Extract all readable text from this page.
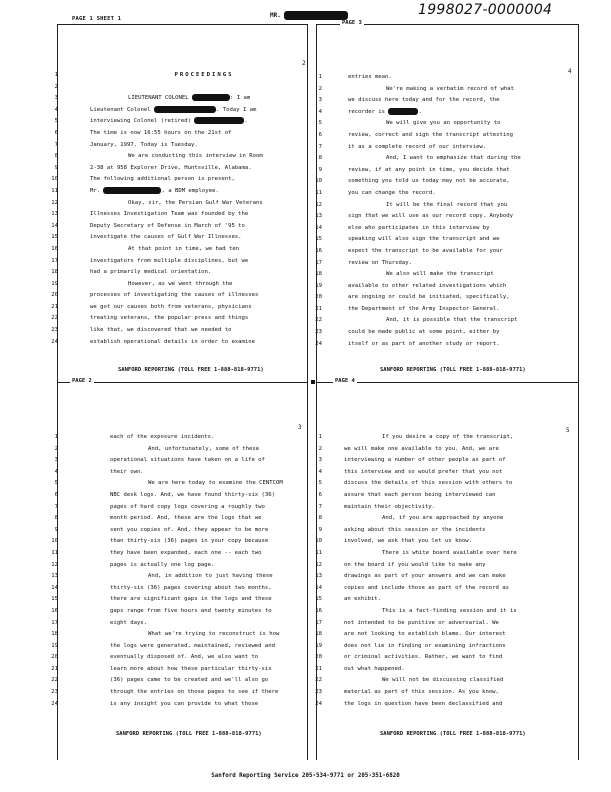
PAGE 1 SHEET 1	MR.	1998027-0000004
PAGE 3
PAGE 2	PAGE 4
2
1
2
3
4
5
6
7
8
9
10
11
12
13
14
15
16
17
18
19
20
21
22
23
24
PROCEEDINGS
LIEUTENANT COLONEL	: I am
Lieutenant Colonel	. Today I am
interviewing Colonel (retired)	.
The time is now 16:55 hours on the 21st of
January, 1997. Today is Tuesday.
We are conducting this interview in Room
2-38 at 958 Explorer Drive, Huntsville, Alabama.
The following additional person is present,
Mr.	, a BDM employee.
Okay, sir, the Persian Gulf War Veterans
Illnesses Investigation Team was founded by the
Deputy Secretary of Defense in March of '95 to
investigate the causes of Gulf War Illnesses.
At that point in time, we had ten
investigators from multiple disciplines, but we
had a primarily medical orientation.
However, as we went through the
processes of investigating the causes of illnesses
we got our causes both from veterans, physicians
treating veterans, the popular press and things
like that, we discovered that we needed to
establish operational details in order to examine
SANFORD REPORTING (TOLL FREE 1-888-818-9771)
4
1
2
3
4
5
6
7
8
9
10
11
12
13
14
15
16
17
18
19
20
21
22
23
24
entries mean.
We're making a verbatim record of what
we discuss here today and for the record, the
recorder is	.
We will give you an opportunity to
review, correct and sign the transcript attesting
it as a complete record of our interview.
And, I want to emphasize that during the
review, if at any point in time, you decide that
something you told us today may not be accurate,
you can change the record.
It will be the final record that you
sign that we will use as our record copy. Anybody
else who participates in this interview by
speaking will also sign the transcript and we
expect the transcript to be available for your
review on Thursday.
We also will make the transcript
available to other related investigations which
are ongoing or could be initiated, specifically,
the Department of the Army Inspector General.
And, it is possible that the transcript
could be made public at some point, either by
itself or as part of another study or report.
SANFORD REPORTING (TOLL FREE 1-888-818-9771)
3
1
2
3
4
5
6
7
8
9
10
11
12
13
14
15
16
17
18
19
20
21
22
23
24
each of the exposure incidents.
And, unfortunately, some of these
operational situations have taken on a life of
their own.
We are here today to examine the CENTCOM
NBC desk logs. And, we have found thirty-six (36)
pages of hard copy logs covering a roughly two
month period. And, these are the logs that we
sent you copies of. And, they appear to be more
than thirty-six (36) pages in your copy because
they have been expanded, each one -- each two
pages is actually one log page.
And, in addition to just having these
thirty-six (36) pages covering about two months,
there are significant gaps in the logs and these
gaps range from five hours and twenty minutes to
eight days.
What we're trying to reconstruct is how
the logs were generated, maintained, reviewed and
eventually disposed of. And, we also want to
learn more about how these particular thirty-six
(36) pages came to be created and we'll also go
through the entries on those pages to see if there
is any insight you can provide to what those
SANFORD REPORTING (TOLL FREE 1-888-818-9771)
5
1
2
3
4
5
6
7
8
9
10
11
12
13
14
15
16
17
18
19
20
21
22
23
24
If you desire a copy of the transcript,
we will make one available to you. And, we are
interviewing a number of other people as part of
this interview and so would prefer that you not
discuss the details of this session with others to
assure that each person being interviewed can
maintain their objectivity.
And, if you are approached by anyone
asking about this session or the incidents
involved, we ask that you let us know.
There is white board available over here
on the board if you would like to make any
drawings as part of your answers and we can make
copies and include those as part of the record as
an exhibit.
This is a fact-finding session and it is
not intended to be punitive or adversarial. We
are not looking to establish blame. Our interest
does not lie in finding or examining infractions
or criminal activities. Rather, we want to find
out what happened.
We will not be discussing classified
material as part of this session. As you know,
the logs in question have been declassified and
SANFORD REPORTING (TOLL FREE 1-888-818-9771)
Sanford Reporting Service 205-534-9771 or 205-351-6820
